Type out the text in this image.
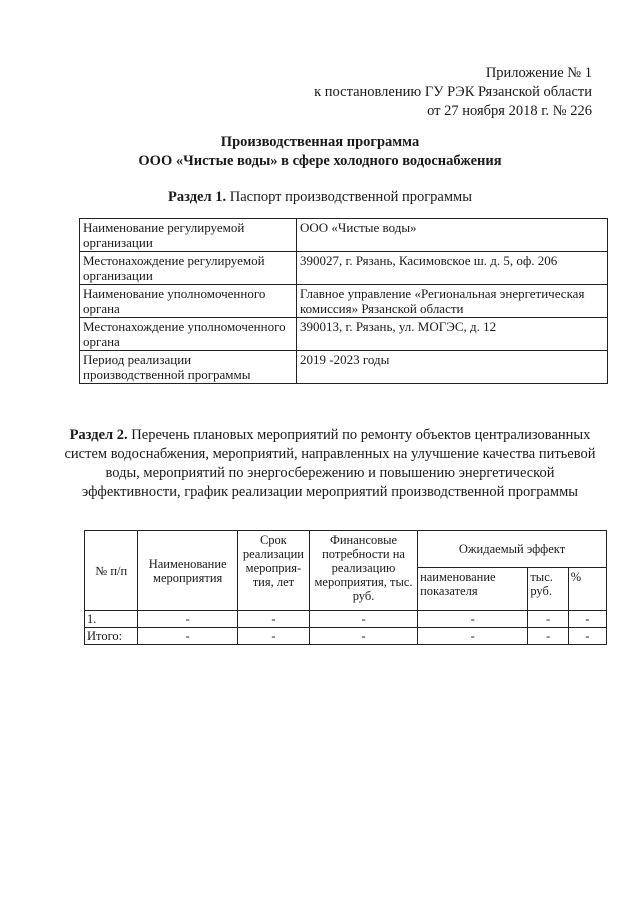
Приложение № 1
к постановлению ГУ РЭК Рязанской области
от 27 ноября 2018 г. № 226
Производственная программа
ООО «Чистые воды» в сфере холодного водоснабжения
Раздел 1. Паспорт производственной программы
Наименование регулируемой организации	ООО «Чистые воды»
Местонахождение регулируемой организации	390027, г. Рязань, Касимовское ш. д. 5, оф. 206
Наименование уполномоченного органа	Главное управление «Региональная энергетическая комиссия» Рязанской области
Местонахождение уполномоченного органа	390013, г. Рязань, ул. МОГЭС, д. 12
Период реализации производственной программы	2019 -2023 годы
Раздел 2. Перечень плановых мероприятий по ремонту объектов централизованных систем водоснабжения, мероприятий, направленных на улучшение качества питьевой воды, мероприятий по энергосбережению и повышению энергетической эффективности, график реализации мероприятий производственной программы
№ п/п	Наименование мероприятия	Срок реализации мероприя-тия, лет	Финансовые потребности на реализацию мероприятия, тыс. руб.	Ожидаемый эффект		
				наименование показателя	тыс. руб.	%
1.	-	-	-	-	-	-
Итого:	-	-	-	-	-	-
